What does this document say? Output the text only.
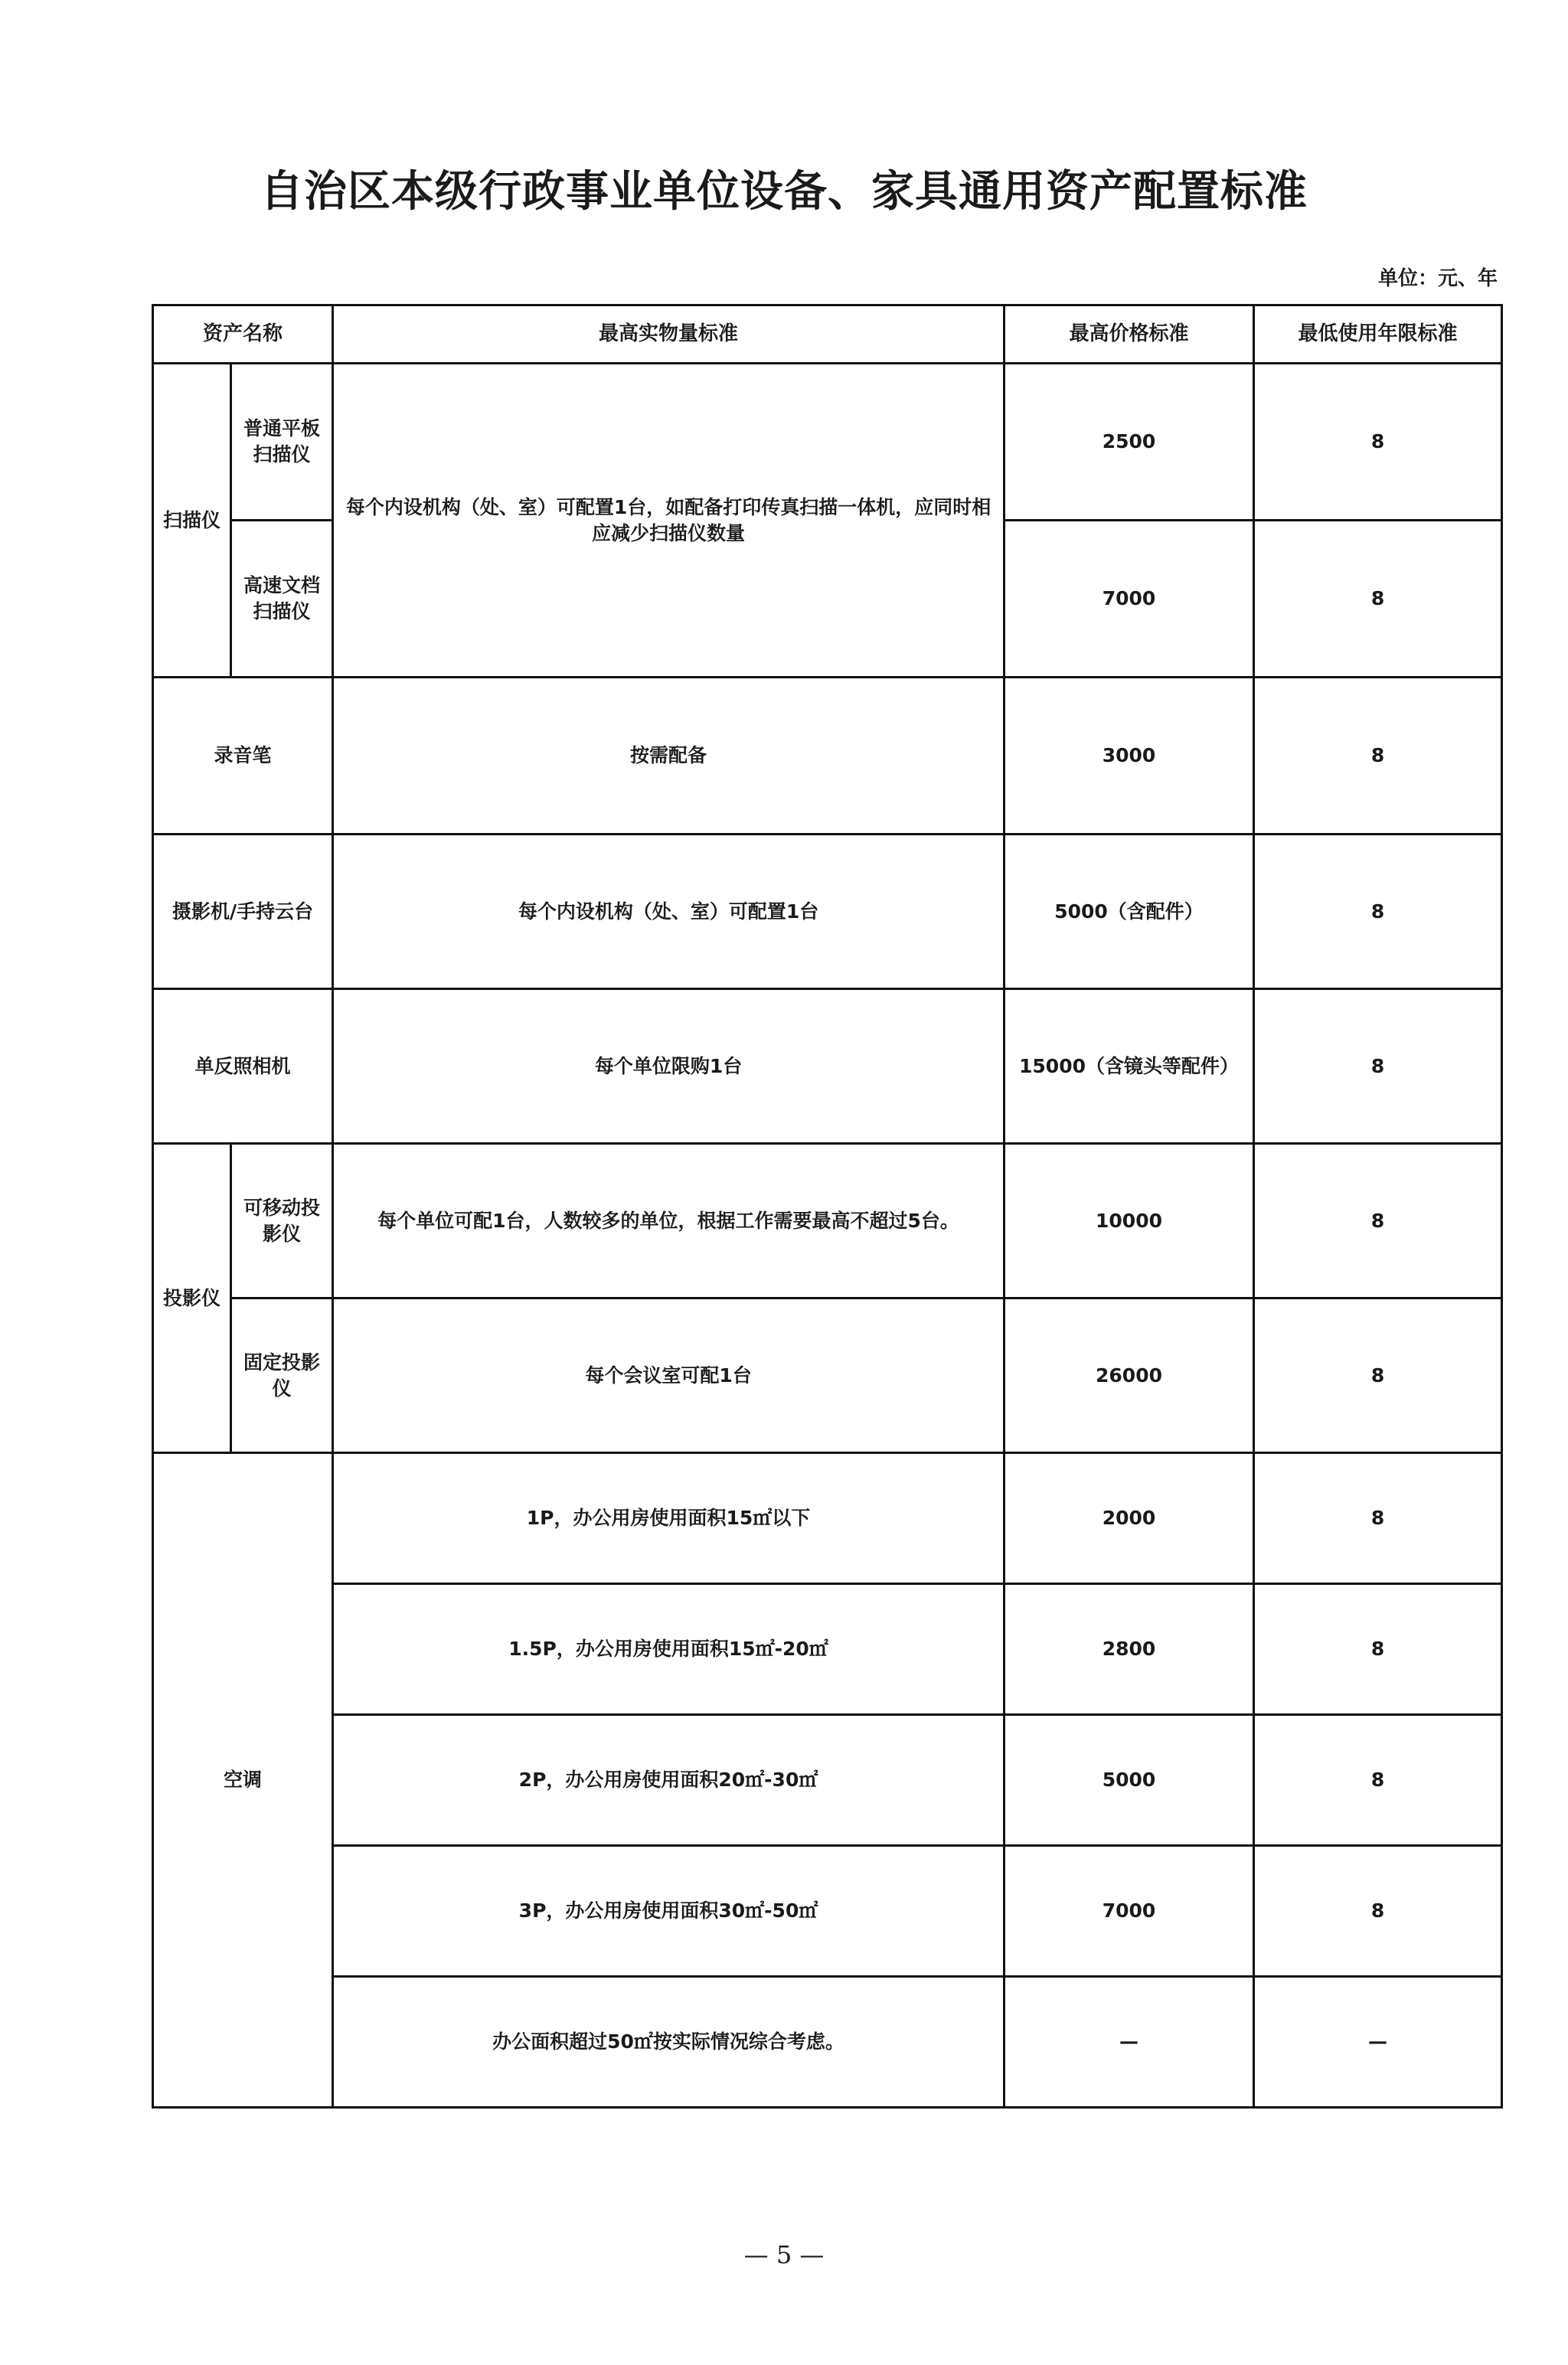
自治区本级行政事业单位设备、家具通用资产配置标准
单位：元、年
资产名称		最高实物量标准	最高价格标准	最低使用年限标准
扫描仪	普通平板扫描仪	每个内设机构（处、室）可配置1台，如配备打印传真扫描一体机，应同时相应减少扫描仪数量	2500	8
	高速文档扫描仪		7000	8
录音笔		按需配备	3000	8
摄影机/手持云台		每个内设机构（处、室）可配置1台	5000（含配件）	8
单反照相机		每个单位限购1台	15000（含镜头等配件）	8
投影仪	可移动投影仪	每个单位可配1台，人数较多的单位，根据工作需要最高不超过5台。	10000	8
	固定投影仪	每个会议室可配1台	26000	8
空调		1P，办公用房使用面积15㎡以下	2000	8
		1.5P，办公用房使用面积15㎡-20㎡	2800	8
		2P，办公用房使用面积20㎡-30㎡	5000	8
		3P，办公用房使用面积30㎡-50㎡	7000	8
		办公面积超过50㎡按实际情况综合考虑。	—	—
— 5 —
